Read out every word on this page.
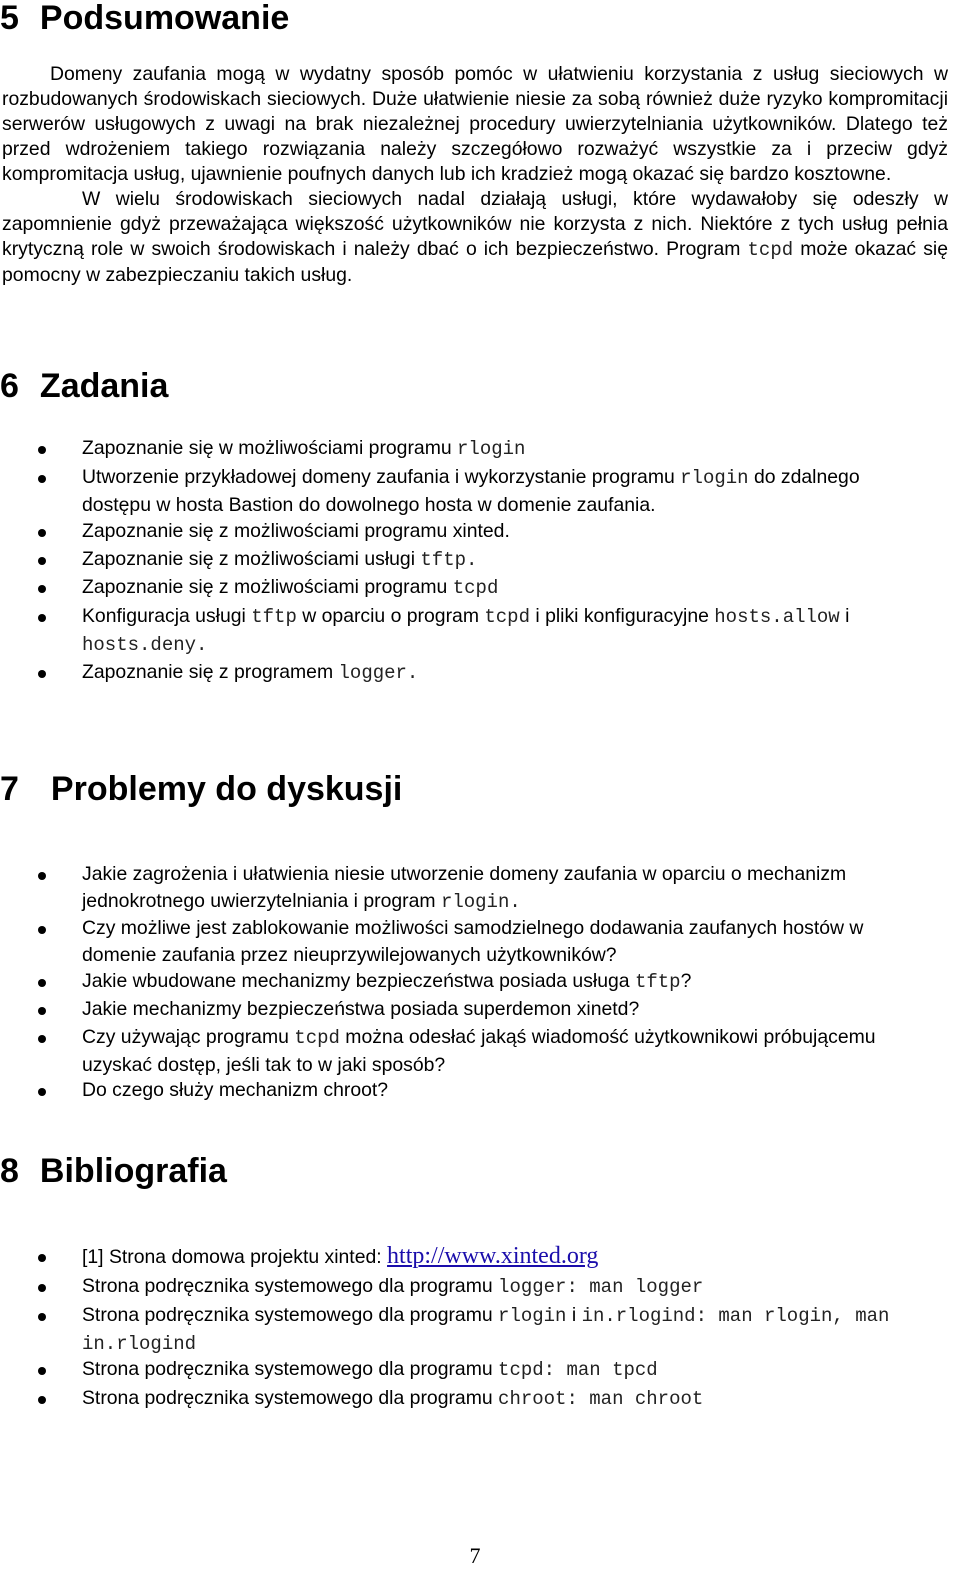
5 Podsumowanie

Domeny zaufania mogą w wydatny sposób pomóc w ułatwieniu korzystania z usług sieciowych w rozbudowanych środowiskach sieciowych. Duże ułatwienie niesie za sobą również duże ryzyko kompromitacji serwerów usługowych z uwagi na brak niezależnej procedury uwierzytelniania użytkowników. Dlatego też przed wdrożeniem takiego rozwiązania należy szczegółowo rozważyć wszystkie za i przeciw gdyż kompromitacja usług, ujawnienie poufnych danych lub ich kradzież mogą okazać się bardzo kosztowne.
W wielu środowiskach sieciowych nadal działają usługi, które wydawałoby się odeszły w zapomnienie gdyż przeważająca większość użytkowników nie korzysta z nich. Niektóre z tych usług pełnia krytyczną role w swoich środowiskach i należy dbać o ich bezpieczeństwo. Program tcpd może okazać się pomocny w zabezpieczaniu takich usług.

6 Zadania
Zapoznanie się w możliwościami programu rlogin
Utworzenie przykładowej domeny zaufania i wykorzystanie programu rlogin do zdalnego dostępu w hosta Bastion do dowolnego hosta w domenie zaufania.
Zapoznanie się z możliwościami programu xinted.
Zapoznanie się z możliwościami usługi tftp.
Zapoznanie się z możliwościami programu tcpd
Konfiguracja usługi tftp w oparciu o program tcpd i pliki konfiguracyjne hosts.allow i hosts.deny.
Zapoznanie się z programem logger.
7 Problemy do dyskusji
Jakie zagrożenia i ułatwienia niesie utworzenie domeny zaufania w oparciu o mechanizm jednokrotnego uwierzytelniania i program rlogin.
Czy możliwe jest zablokowanie możliwości samodzielnego dodawania zaufanych hostów w domenie zaufania przez nieuprzywilejowanych użytkowników?
Jakie wbudowane mechanizmy bezpieczeństwa posiada usługa tftp?
Jakie mechanizmy bezpieczeństwa posiada superdemon xinetd?
Czy używając programu tcpd można odesłać jakąś wiadomość użytkownikowi próbującemu uzyskać dostęp, jeśli tak to w jaki sposób?
Do czego służy mechanizm chroot?
8 Bibliografia
[1] Strona domowa projektu xinted: http://www.xinted.org
Strona podręcznika systemowego dla programu logger: man logger
Strona podręcznika systemowego dla programu rlogin i in.rlogind: man rlogin, man in.rlogind
Strona podręcznika systemowego dla programu tcpd: man tpcd
Strona podręcznika systemowego dla programu chroot: man chroot
7
